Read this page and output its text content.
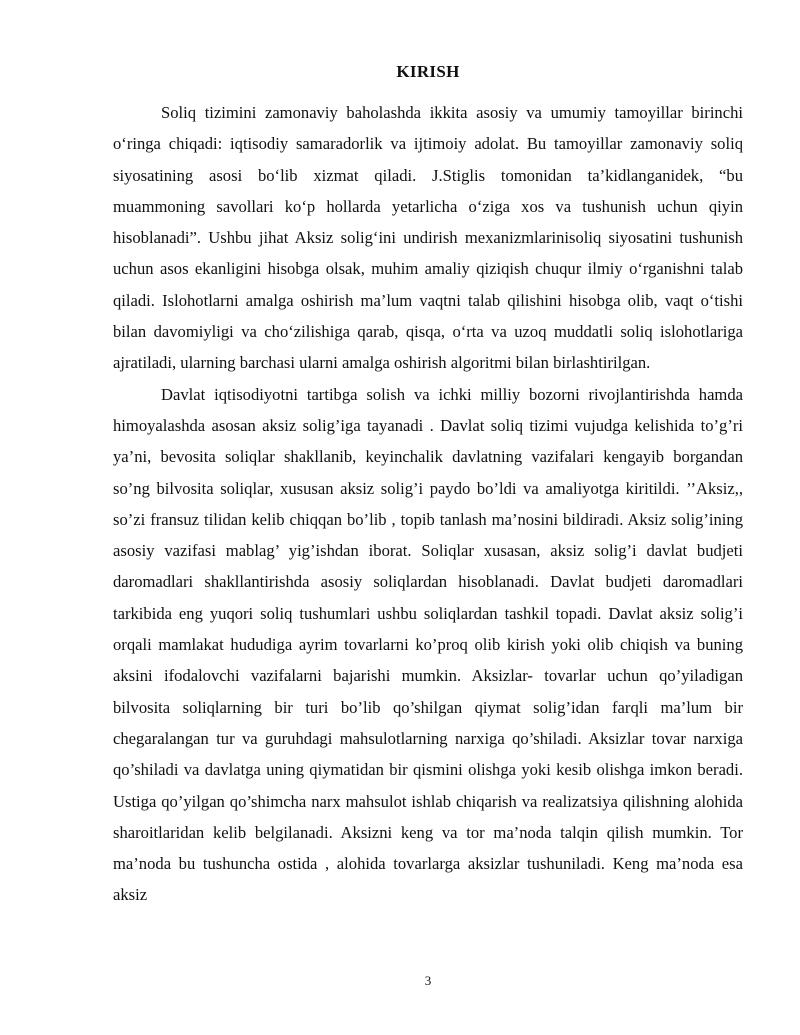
KIRISH

Soliq tizimini zamonaviy baholashda ikkita asosiy va umumiy tamoyillar birinchi o‘ringa chiqadi: iqtisodiy samaradorlik va ijtimoiy adolat. Bu tamoyillar zamonaviy soliq siyosatining asosi bo‘lib xizmat qiladi. J.Stiglis tomonidan ta’kidlanganidek, “bu muammoning savollari ko‘p hollarda yetarlicha o‘ziga xos va tushunish uchun qiyin hisoblanadi”. Ushbu jihat Aksiz solig‘ini undirish mexanizmlarinisoliq siyosatini tushunish uchun asos ekanligini hisobga olsak, muhim amaliy qiziqish chuqur ilmiy o‘rganishni talab qiladi. Islohotlarni amalga oshirish ma’lum vaqtni talab qilishini hisobga olib, vaqt o‘tishi bilan davomiyligi va cho‘zilishiga qarab, qisqa, o‘rta va uzoq muddatli soliq islohotlariga ajratiladi, ularning barchasi ularni amalga oshirish algoritmi bilan birlashtirilgan.

Davlat iqtisodiyotni tartibga solish va ichki milliy bozorni rivojlantirishda hamda himoyalashda asosan aksiz solig’iga tayanadi . Davlat soliq tizimi vujudga kelishida to’g’ri ya’ni, bevosita soliqlar shakllanib, keyinchalik davlatning vazifalari kengayib borgandan so’ng bilvosita soliqlar, xususan aksiz solig’i paydo bo’ldi va amaliyotga kiritildi. ’’Aksiz,, so’zi fransuz tilidan kelib chiqqan bo’lib , topib tanlash ma’nosini bildiradi. Aksiz solig’ining asosiy vazifasi mablag’ yig’ishdan iborat. Soliqlar xusasan, aksiz solig’i davlat budjeti daromadlari shakllantirishda asosiy soliqlardan hisoblanadi. Davlat budjeti daromadlari tarkibida eng yuqori soliq tushumlari ushbu soliqlardan tashkil topadi. Davlat aksiz solig’i orqali mamlakat hududiga ayrim tovarlarni ko’proq olib kirish yoki olib chiqish va buning aksini ifodalovchi vazifalarni bajarishi mumkin. Aksizlar- tovarlar uchun qo’yiladigan bilvosita soliqlarning bir turi bo’lib qo’shilgan qiymat solig’idan farqli ma’lum bir chegaralangan tur va guruhdagi mahsulotlarning narxiga qo’shiladi. Aksizlar tovar narxiga qo’shiladi va davlatga uning qiymatidan bir qismini olishga yoki kesib olishga imkon beradi. Ustiga qo’yilgan qo’shimcha narx mahsulot ishlab chiqarish va realizatsiya qilishning alohida sharoitlaridan kelib belgilanadi. Aksizni keng va tor ma’noda talqin qilish mumkin. Tor ma’noda bu tushuncha ostida , alohida tovarlarga aksizlar tushuniladi. Keng ma’noda esa aksiz

3
